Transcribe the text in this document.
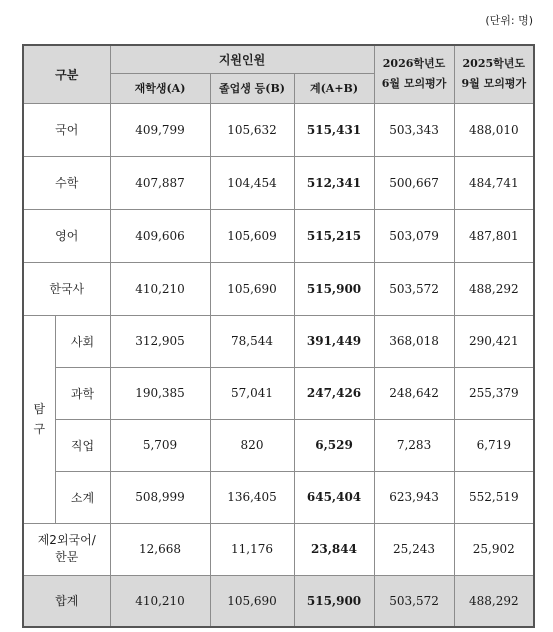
(단위: 명)
구분		지원인원			2026학년도
6월 모의평가	2025학년도
9월 모의평가

		재학생(A)	졸업생 등(B)	계(A+B)		
국어		409,799	105,632	515,431	503,343	488,010
수학		407,887	104,454	512,341	500,667	484,741
영어		409,606	105,609	515,215	503,079	487,801
한국사		410,210	105,690	515,900	503,572	488,292

탐
구	사회	312,905	78,544	391,449	368,018	290,421
	과학	190,385	57,041	247,426	248,642	255,379
	직업	5,709	820	6,529	7,283	6,719
	소계	508,999	136,405	645,404	623,943	552,519

제2외국어/
한문		12,668	11,176	23,844	25,243	25,902
합계		410,210	105,690	515,900	503,572	488,292
